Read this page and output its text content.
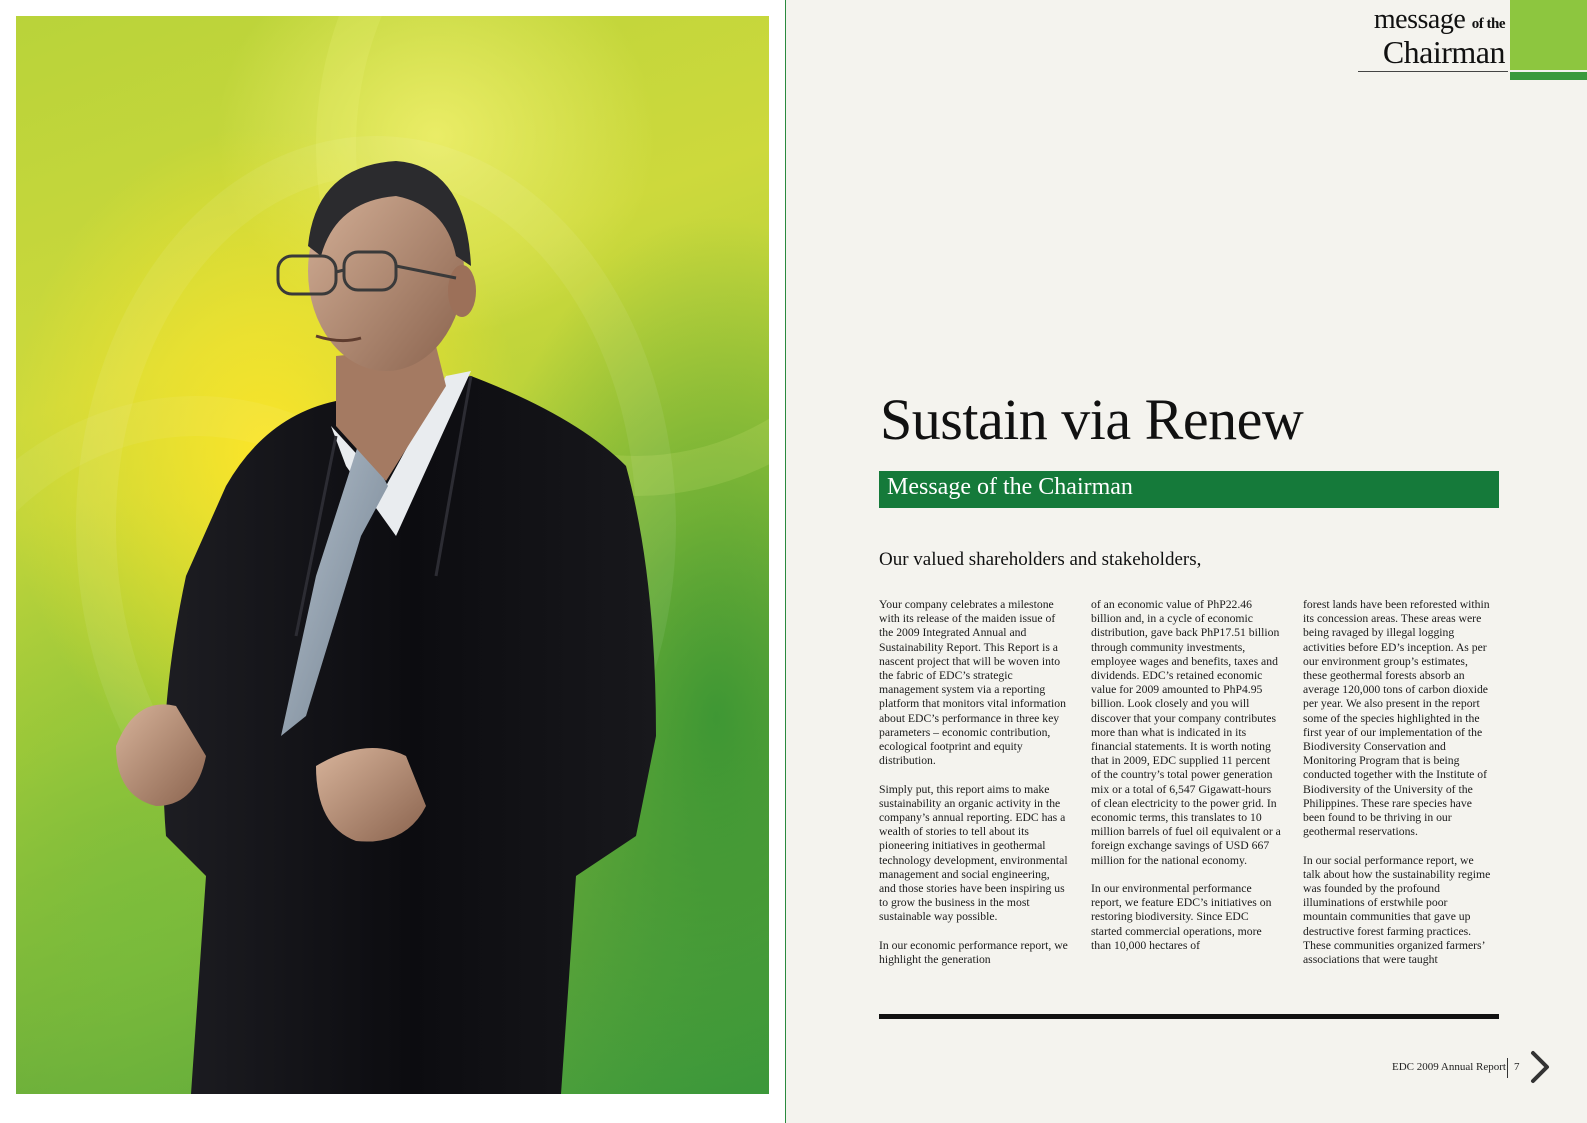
message of the
Chairman
Sustain via Renew
Message of the Chairman
Our valued shareholders and stakeholders,

Your company celebrates a milestone with its release of the maiden issue of the 2009 Integrated Annual and Sustainability Report. This Report is a nascent project that will be woven into the fabric of EDC’s strategic management system via a reporting platform that monitors vital information about EDC’s performance in three key parameters – economic contribution, ecological footprint and equity distribution.

Simply put, this report aims to make sustainability an organic activity in the company’s annual reporting. EDC has a wealth of stories to tell about its pioneering initiatives in geothermal technology development, environmental management and social engineering, and those stories have been inspiring us to grow the business in the most sustainable way possible.

In our economic performance report, we highlight the generation

of an economic value of PhP22.46 billion and, in a cycle of economic distribution, gave back PhP17.51 billion through community investments, employee wages and benefits, taxes and dividends. EDC’s retained economic value for 2009 amounted to PhP4.95 billion. Look closely and you will discover that your company contributes more than what is indicated in its financial statements. It is worth noting that in 2009, EDC supplied 11 percent of the country’s total power generation mix or a total of 6,547 Gigawatt-hours of clean electricity to the power grid. In economic terms, this translates to 10 million barrels of fuel oil equivalent or a foreign exchange savings of USD 667 million for the national economy.

In our environmental performance report, we feature EDC’s initiatives on restoring biodiversity. Since EDC started commercial operations, more than 10,000 hectares of

forest lands have been reforested within its concession areas. These areas were being ravaged by illegal logging activities before ED’s inception. As per our environment group’s estimates, these geothermal forests absorb an average 120,000 tons of carbon dioxide per year. We also present in the report some of the species highlighted in the first year of our implementation of the Biodiversity Conservation and Monitoring Program that is being conducted together with the Institute of Biodiversity of the University of the Philippines. These rare species have been found to be thriving in our geothermal reservations.

In our social performance report, we talk about how the sustainability regime was founded by the profound illuminations of erstwhile poor mountain communities that gave up destructive forest farming practices. These communities organized farmers’ associations that were taught

EDC 2009 Annual Report 7
